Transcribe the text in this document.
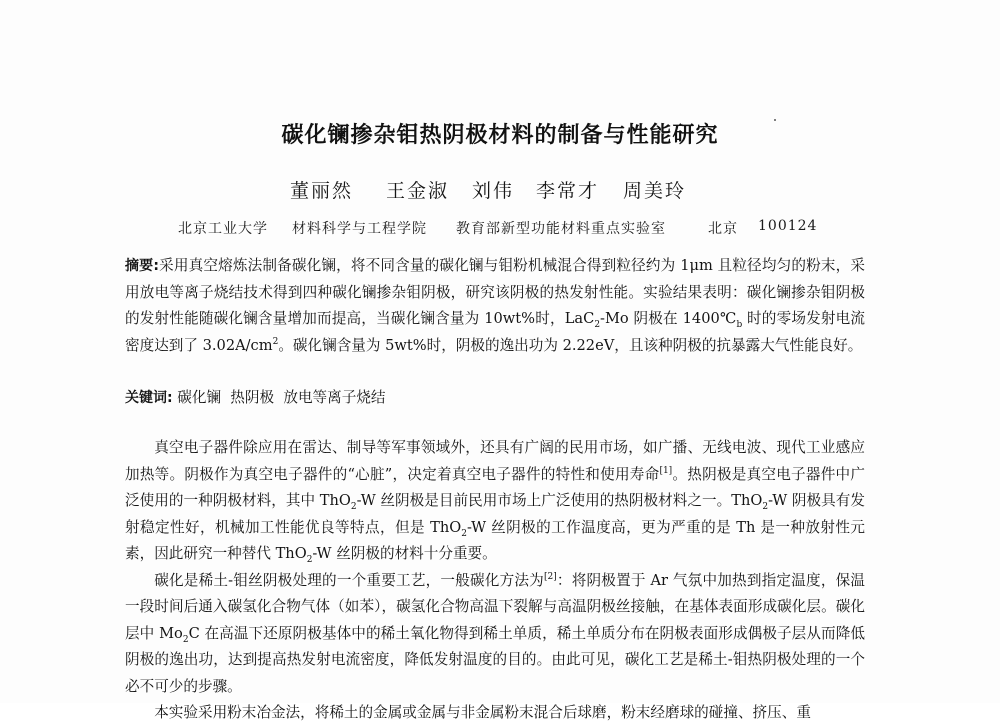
碳化镧掺杂钼热阴极材料的制备与性能研究
董丽然 王金淑 刘伟 李常才 周美玲
北京工业大学 材料科学与工程学院 教育部新型功能材料重点实验室	北京 100124
摘要:采用真空熔炼法制备碳化镧，将不同含量的碳化镧与钼粉机械混合得到粒径约为 1μm 且粒径均匀的粉末，采用放电等离子烧结技术得到四种碳化镧掺杂钼阴极，研究该阴极的热发射性能。实验结果表明：碳化镧掺杂钼阴极的发射性能随碳化镧含量增加而提高，当碳化镧含量为 10wt%时，LaC$_2$-Mo 阴极在 $1400℃_b$ 时的零场发射电流密度达到了 $3.02A/cm^2$。碳化镧含量为 5wt%时，阴极的逸出功为 2.22eV，且该种阴极的抗暴露大气性能良好。
关键词: 碳化镧  热阴极  放电等离子烧结

真空电子器件除应用在雷达、制导等军事领域外，还具有广阔的民用市场，如广播、无线电波、现代工业感应加热等。阴极作为真空电子器件的“心脏”，决定着真空电子器件的特性和使用寿命[1]。热阴极是真空电子器件中广泛使用的一种阴极材料，其中 ThO$_2$-W 丝阴极是目前民用市场上广泛使用的热阴极材料之一。ThO$_2$-W 阴极具有发射稳定性好，机械加工性能优良等特点，但是 ThO$_2$-W 丝阴极的工作温度高，更为严重的是 Th 是一种放射性元素，因此研究一种替代 ThO$_2$-W 丝阴极的材料十分重要。

碳化是稀土-钼丝阴极处理的一个重要工艺，一般碳化方法为[2]：将阴极置于 Ar 气氛中加热到指定温度，保温一段时间后通入碳氢化合物气体（如苯），碳氢化合物高温下裂解与高温阴极丝接触，在基体表面形成碳化层。碳化层中 $Mo_2C$ 在高温下还原阴极基体中的稀土氧化物得到稀土单质，稀土单质分布在阴极表面形成偶极子层从而降低阴极的逸出功，达到提高热发射电流密度，降低发射温度的目的。由此可见，碳化工艺是稀土-钼热阴极处理的一个必不可少的步骤。

本实验采用粉末冶金法，将稀土的金属或金属与非金属粉末混合后球磨，粉末经磨球的碰撞、挤压、重
